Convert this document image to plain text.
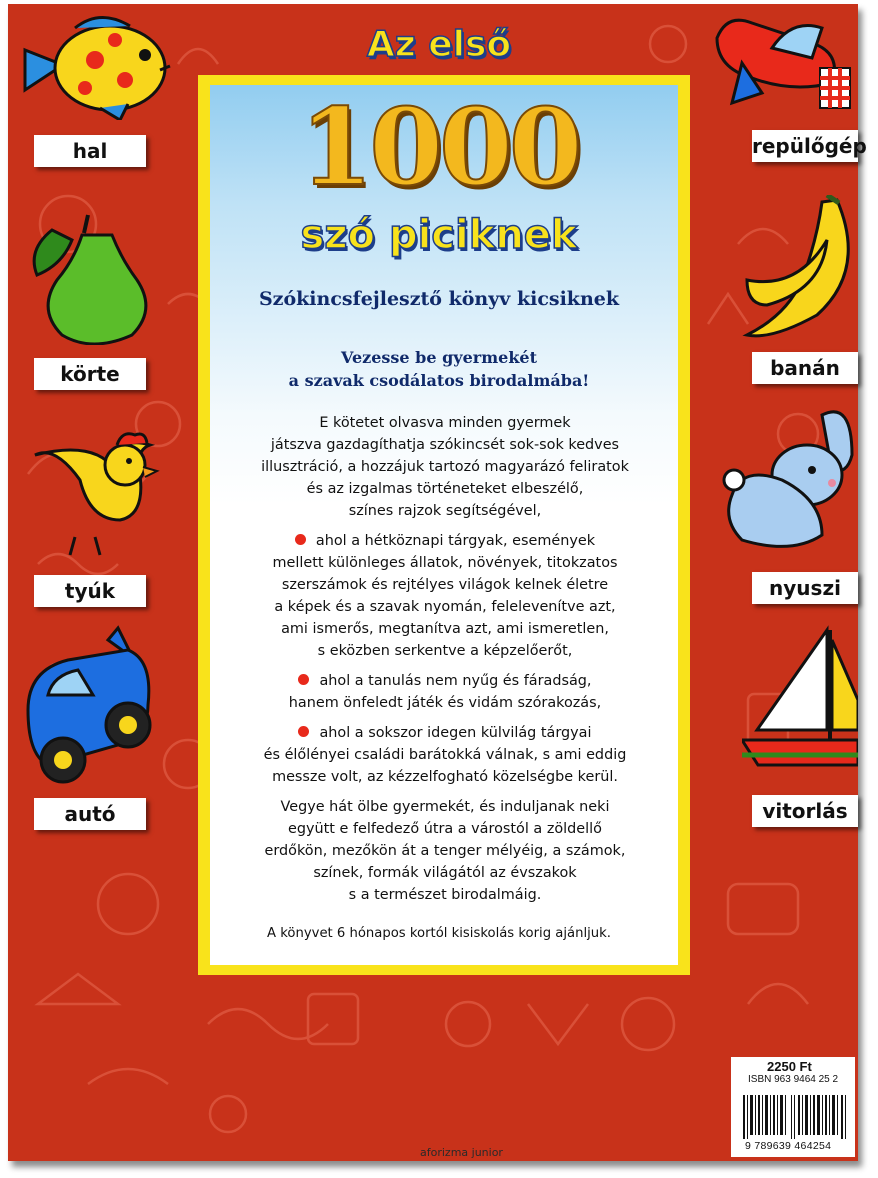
hal
körte
tyúk
autó
repülőgép
banán
nyuszi
vitorlás
Az első
1000
szó piciknek
Szókincsfejlesztő könyv kicsiknek
Vezesse be gyermekét
a szavak csodálatos birodalmába!
E kötetet olvasva minden gyermek
játszva gazdagíthatja szókincsét sok-sok kedves
illusztráció, a hozzájuk tartozó magyarázó feliratok
és az izgalmas történeteket elbeszélő,
színes rajzok segítségével,
ahol a hétköznapi tárgyak, események
mellett különleges állatok, növények, titokzatos
szerszámok és rejtélyes világok kelnek életre
a képek és a szavak nyomán, felelevenítve azt,
ami ismerős, megtanítva azt, ami ismeretlen,
s eközben serkentve a képzelőerőt,
ahol a tanulás nem nyűg és fáradság,
hanem önfeledt játék és vidám szórakozás,
ahol a sokszor idegen külvilág tárgyai
és élőlényei családi barátokká válnak, s ami eddig
messze volt, az kézzelfogható közelségbe kerül.
Vegye hát ölbe gyermekét, és induljanak neki
együtt e felfedező útra a várostól a zöldellő
erdőkön, mezőkön át a tenger mélyéig, a számok,
színek, formák világától az évszakok
s a természet birodalmáig.
A könyvet 6 hónapos kortól kisiskolás korig ajánljuk.
2250 Ft
ISBN 963 9464 25 2
9 789639 464254
aforizma junior
